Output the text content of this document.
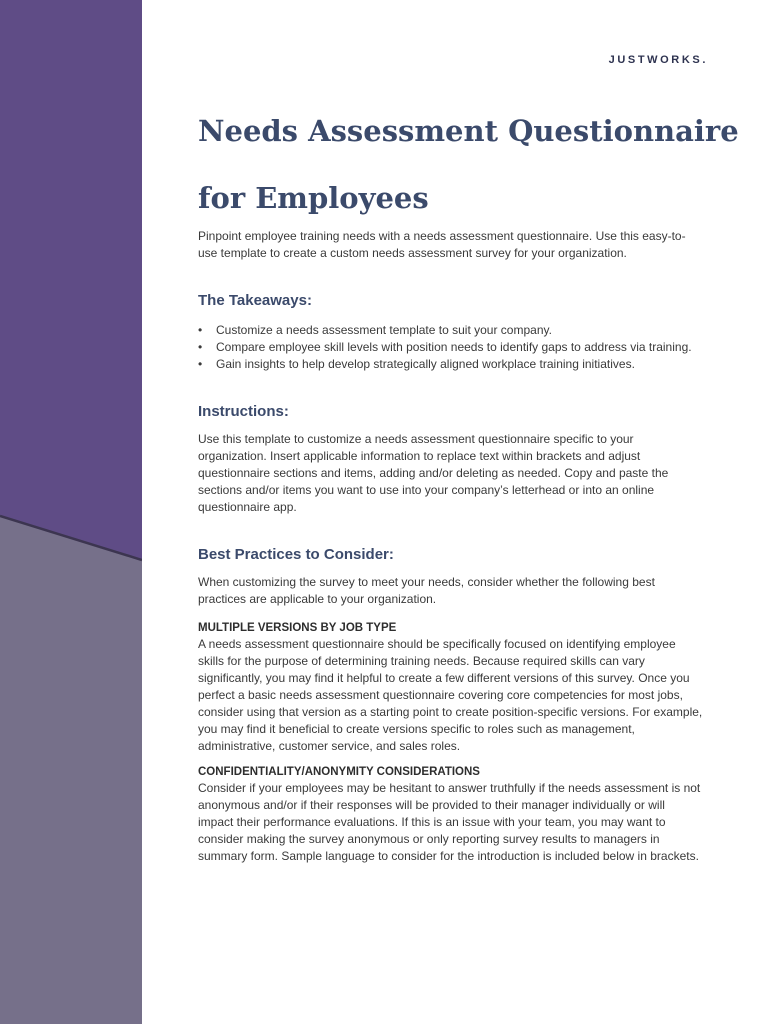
JUSTWORKS.
Needs Assessment Questionnaire
for Employees

Pinpoint employee training needs with a needs assessment questionnaire. Use this easy-to-use template to create a custom needs assessment survey for your organization.

The Takeaways:
• Customize a needs assessment template to suit your company.
• Compare employee skill levels with position needs to identify gaps to address via training.
• Gain insights to help develop strategically aligned workplace training initiatives.
Instructions:

Use this template to customize a needs assessment questionnaire specific to your organization. Insert applicable information to replace text within brackets and adjust questionnaire sections and items, adding and/or deleting as needed. Copy and paste the sections and/or items you want to use into your company’s letterhead or into an online questionnaire app.

Best Practices to Consider:

When customizing the survey to meet your needs, consider whether the following best practices are applicable to your organization.

MULTIPLE VERSIONS BY JOB TYPE

A needs assessment questionnaire should be specifically focused on identifying employee skills for the purpose of determining training needs. Because required skills can vary significantly, you may find it helpful to create a few different versions of this survey. Once you perfect a basic needs assessment questionnaire covering core competencies for most jobs, consider using that version as a starting point to create position-specific versions. For example, you may find it beneficial to create versions specific to roles such as management, administrative, customer service, and sales roles.

CONFIDENTIALITY/ANONYMITY CONSIDERATIONS

Consider if your employees may be hesitant to answer truthfully if the needs assessment is not anonymous and/or if their responses will be provided to their manager individually or will impact their performance evaluations. If this is an issue with your team, you may want to consider making the survey anonymous or only reporting survey results to managers in summary form. Sample language to consider for the introduction is included below in brackets.
